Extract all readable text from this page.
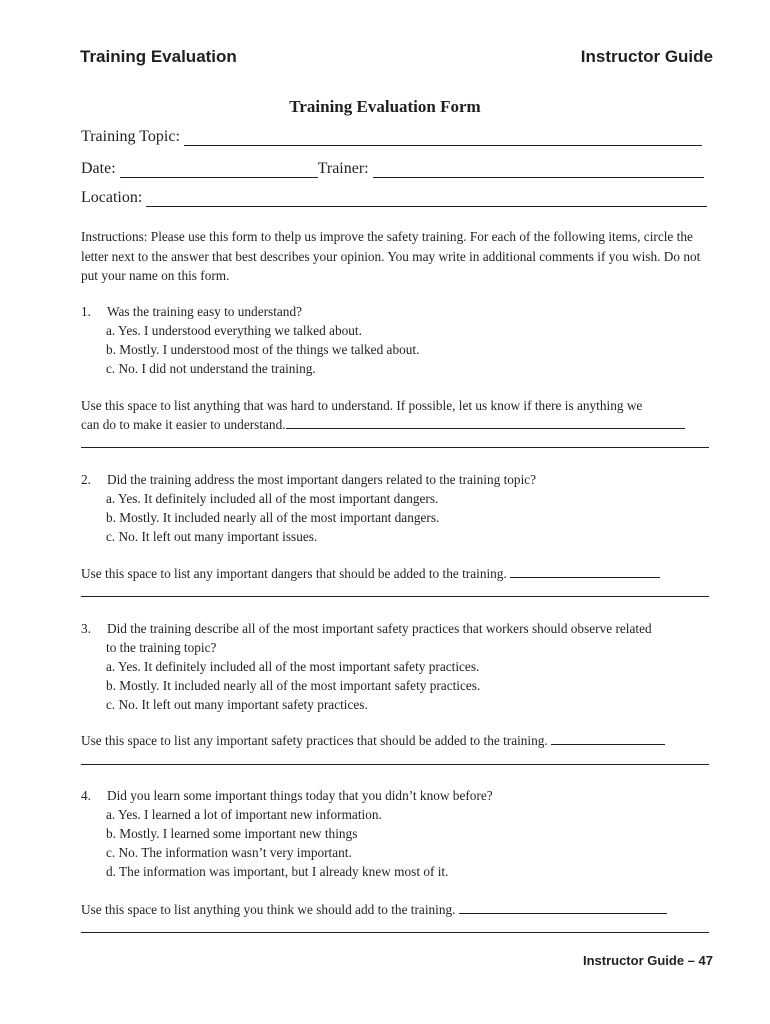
Training Evaluation	Instructor Guide
Training Evaluation Form
Training Topic:
Date:	Trainer:
Location:
Instructions: Please use this form to thelp us improve the safety training. For each of the following items, circle the letter next to the answer that best describes your opinion. You may write in additional comments if you wish. Do not put your name on this form.
1. Was the training easy to understand?
a. Yes. I understood everything we talked about.
b. Mostly. I understood most of the things we talked about.
c. No. I did not understand the training.
Use this space to list anything that was hard to understand. If possible, let us know if there is anything we
can do to make it easier to understand.
2. Did the training address the most important dangers related to the training topic?
a. Yes. It definitely included all of the most important dangers.
b. Mostly. It included nearly all of the most important dangers.
c. No. It left out many important issues.
Use this space to list any important dangers that should be added to the training.
3. Did the training describe all of the most important safety practices that workers should observe related
to the training topic?
a. Yes. It definitely included all of the most important safety practices.
b. Mostly. It included nearly all of the most important safety practices.
c. No. It left out many important safety practices.
Use this space to list any important safety practices that should be added to the training.
4. Did you learn some important things today that you didn’t know before?
a. Yes. I learned a lot of important new information.
b. Mostly. I learned some important new things
c. No. The information wasn’t very important.
d. The information was important, but I already knew most of it.
Use this space to list anything you think we should add to the training.
Instructor Guide – 47
